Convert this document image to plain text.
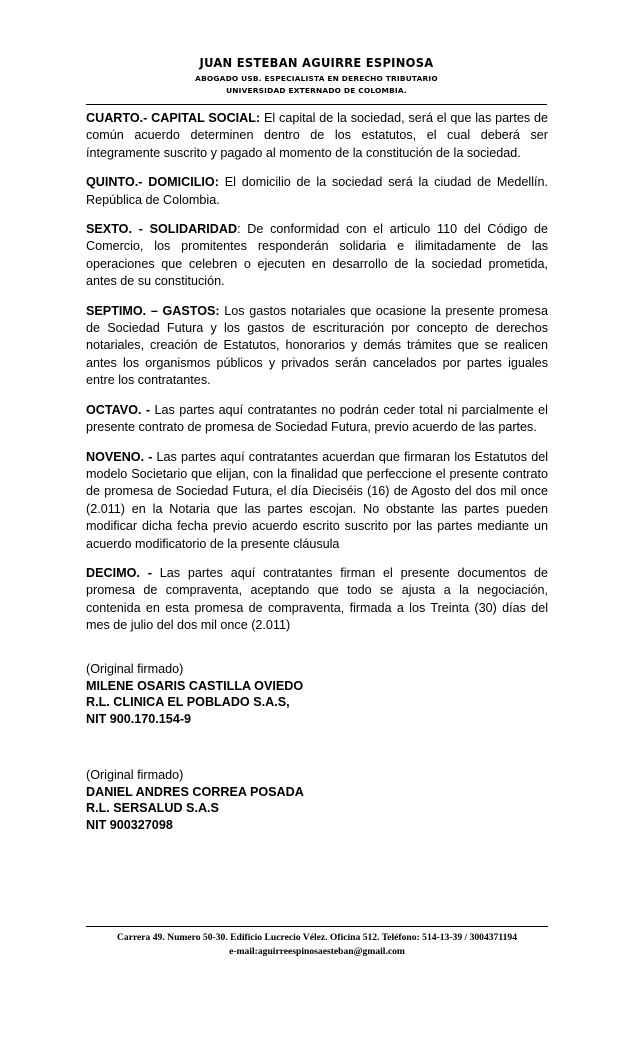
JUAN ESTEBAN AGUIRRE ESPINOSA
ABOGADO USB. ESPECIALISTA EN DERECHO TRIBUTARIO
UNIVERSIDAD EXTERNADO DE COLOMBIA.

CUARTO.- CAPITAL SOCIAL: El capital de la sociedad, será el que las partes de común acuerdo determinen dentro de los estatutos, el cual deberá ser íntegramente suscrito y pagado al momento de la constitución de la sociedad.

QUINTO.- DOMICILIO: El domicilio de la sociedad será la ciudad de Medellín. República de Colombia.

SEXTO. - SOLIDARIDAD: De conformidad con el articulo 110 del Código de Comercio, los promitentes responderán solidaria e ilimitadamente de las operaciones que celebren o ejecuten en desarrollo de la sociedad prometida, antes de su constitución.

SEPTIMO. – GASTOS: Los gastos notariales que ocasione la presente promesa de Sociedad Futura y los gastos de escrituración por concepto de derechos notariales, creación de Estatutos, honorarios y demás trámites que se realicen antes los organismos públicos y privados serán cancelados por partes iguales entre los contratantes.

OCTAVO. - Las partes aquí contratantes no podrán ceder total ni parcialmente el presente contrato de promesa de Sociedad Futura, previo acuerdo de las partes.

NOVENO. - Las partes aquí contratantes acuerdan que firmaran los Estatutos del modelo Societario que elijan, con la finalidad que perfeccione el presente contrato de promesa de Sociedad Futura, el día Dieciséis (16) de Agosto del dos mil once (2.011) en la Notaria que las partes escojan. No obstante las partes pueden modificar dicha fecha previo acuerdo escrito suscrito por las partes mediante un acuerdo modificatorio de la presente cláusula

DECIMO. - Las partes aquí contratantes firman el presente documentos de promesa de compraventa, aceptando que todo se ajusta a la negociación, contenida en esta promesa de compraventa, firmada a los Treinta (30) días del mes de julio del dos mil once (2.011)

(Original firmado)
MILENE OSARIS CASTILLA OVIEDO
R.L. CLINICA EL POBLADO S.A.S,
NIT 900.170.154-9
(Original firmado)
DANIEL ANDRES CORREA POSADA
R.L. SERSALUD S.A.S
NIT 900327098
Carrera 49. Numero 50-30. Edificio Lucrecio Vélez. Oficina 512. Teléfono: 514-13-39 / 3004371194
e-mail:aguirreespinosaesteban@gmail.com
